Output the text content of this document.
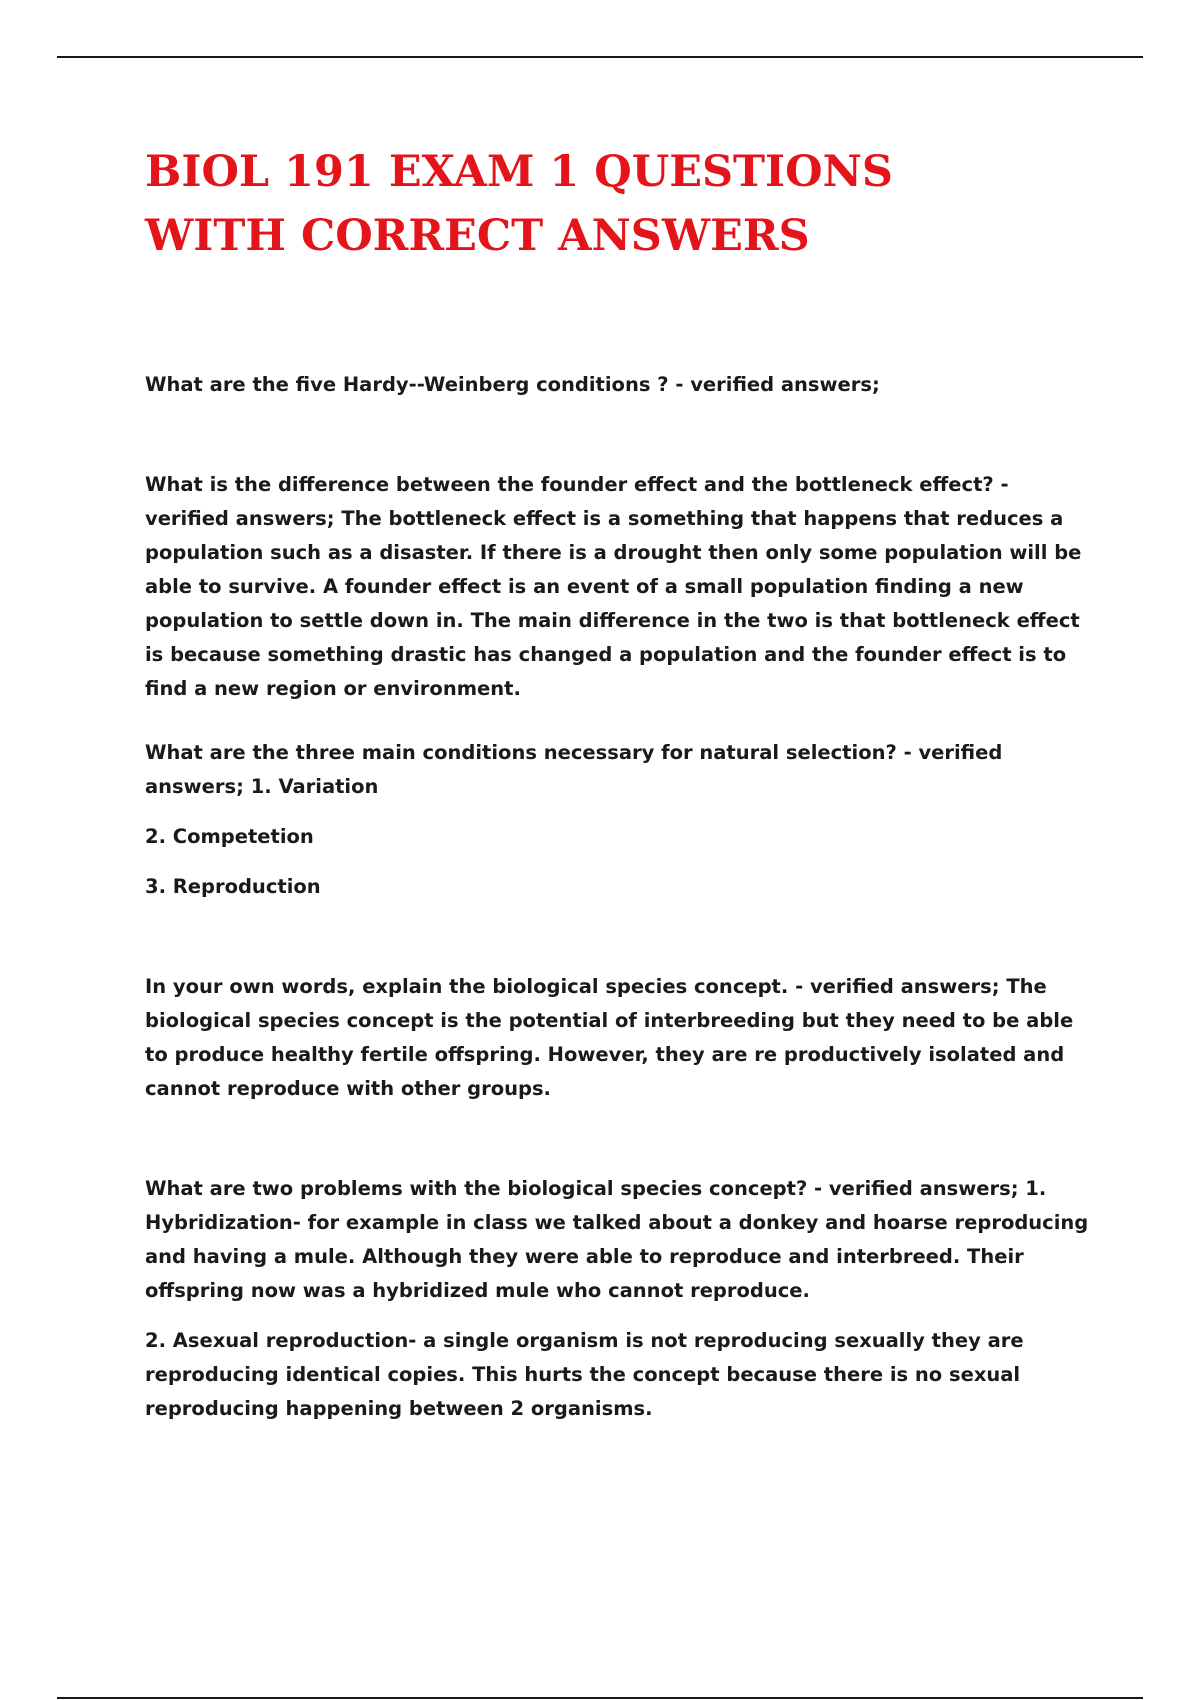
BIOL 191 EXAM 1 QUESTIONS WITH CORRECT ANSWERS

What are the five Hardy--Weinberg conditions ? - verified answers;

What is the difference between the founder effect and the bottleneck effect? - verified answers; The bottleneck effect is a something that happens that reduces a population such as a disaster. If there is a drought then only some population will be able to survive. A founder effect is an event of a small population finding a new population to settle down in. The main difference in the two is that bottleneck effect is because something drastic has changed a population and the founder effect is to find a new region or environment.

What are the three main conditions necessary for natural selection? - verified answers; 1. Variation

2. Competetion

3. Reproduction

In your own words, explain the biological species concept. - verified answers; The biological species concept is the potential of interbreeding but they need to be able to produce healthy fertile offspring. However, they are re productively isolated and cannot reproduce with other groups.

What are two problems with the biological species concept? - verified answers; 1. Hybridization- for example in class we talked about a donkey and hoarse reproducing and having a mule. Although they were able to reproduce and interbreed. Their offspring now was a hybridized mule who cannot reproduce.

2. Asexual reproduction- a single organism is not reproducing sexually they are reproducing identical copies. This hurts the concept because there is no sexual reproducing happening between 2 organisms.
